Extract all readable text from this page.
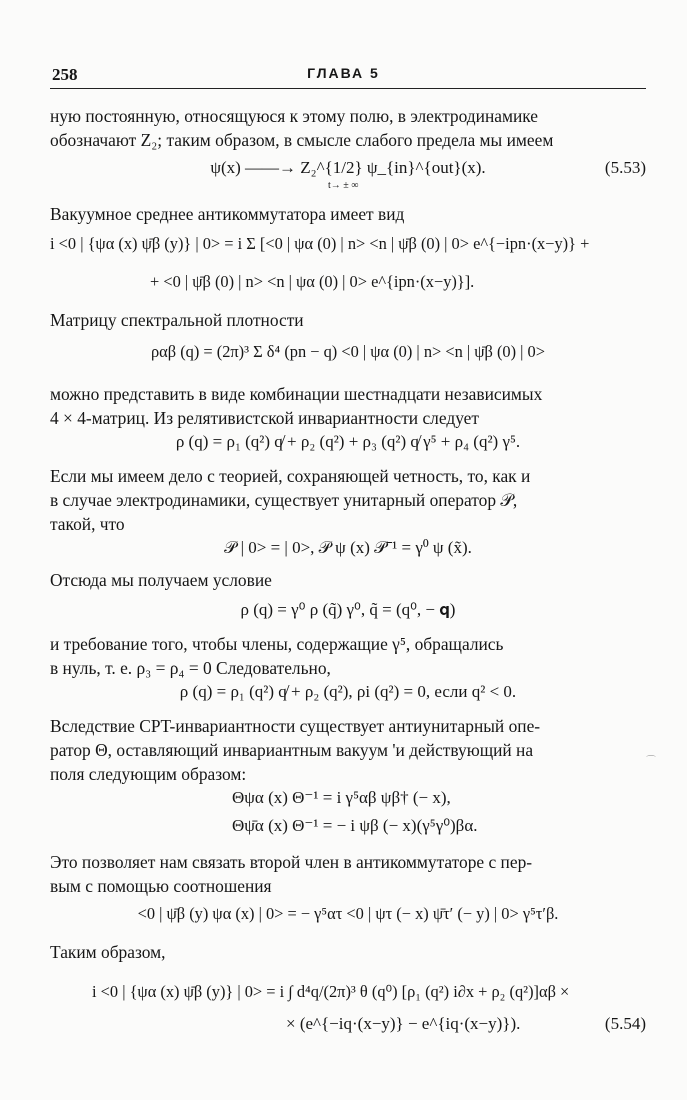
258	ГЛАВА 5
ную постоянную, относящуюся к этому полю, в электродинамике
обозначают Z₂; таким образом, в смысле слабого предела мы имеем
ψ(x) ——→ Z₂^{1/2} ψ_{in}^{out}(x).
t→ ± ∞
(5.53)
Вакуумное среднее антикоммутатора имеет вид
i <0 | {ψα (x) ψ̄β (y)} | 0> = i Σ [<0 | ψα (0) | n> <n | ψ̄β (0) | 0> e^{−ipn·(x−y)} +
+ <0 | ψ̄β (0) | n> <n | ψα (0) | 0> e^{ipn·(x−y)}].
Матрицу спектральной плотности
ραβ (q) = (2π)³ Σ δ⁴ (pn − q) <0 | ψα (0) | n> <n | ψ̄β (0) | 0>
можно представить в виде комбинации шестнадцати независимых
4 × 4-матриц. Из релятивистской инвариантности следует
ρ (q) = ρ₁ (q²) q̸ + ρ₂ (q²) + ρ₃ (q²) q̸ γ⁵ + ρ₄ (q²) γ⁵.
Если мы имеем дело с теорией, сохраняющей четность, то, как и
в случае электродинамики, существует унитарный оператор 𝒫,
такой, что
𝒫 | 0> = | 0>, 𝒫 ψ (x) 𝒫⁻¹ = γ⁰ ψ (x̃).
Отсюда мы получаем условие
ρ (q) = γ⁰ ρ (q̃) γ⁰, q̃ = (q⁰, − 𝐪)
и требование того, чтобы члены, содержащие γ⁵, обращались
в нуль, т. е. ρ₃ = ρ₄ = 0 Следовательно,
ρ (q) = ρ₁ (q²) q̸ + ρ₂ (q²), ρi (q²) = 0, если q² < 0.
Вследствие CPT-инвариантности существует антиунитарный опе-
ратор Θ, оставляющий инвариантным вакуум 'и действующий на
поля следующим образом:
⌒
Θψα (x) Θ⁻¹ = i γ⁵αβ ψβ† (− x),
Θψ̄α (x) Θ⁻¹ = − i ψβ (− x)(γ⁵γ⁰)βα.
Это позволяет нам связать второй член в антикоммутаторе с пер-
вым с помощью соотношения
<0 | ψ̄β (y) ψα (x) | 0> = − γ⁵ατ <0 | ψτ (− x) ψ̄τ′ (− y) | 0> γ⁵τ′β.
Таким образом,
i <0 | {ψα (x) ψ̄β (y)} | 0> = i ∫ d⁴q/(2π)³ θ (q⁰) [ρ₁ (q²) i∂x + ρ₂ (q²)]αβ ×
× (e^{−iq·(x−y)} − e^{iq·(x−y)}).	(5.54)
